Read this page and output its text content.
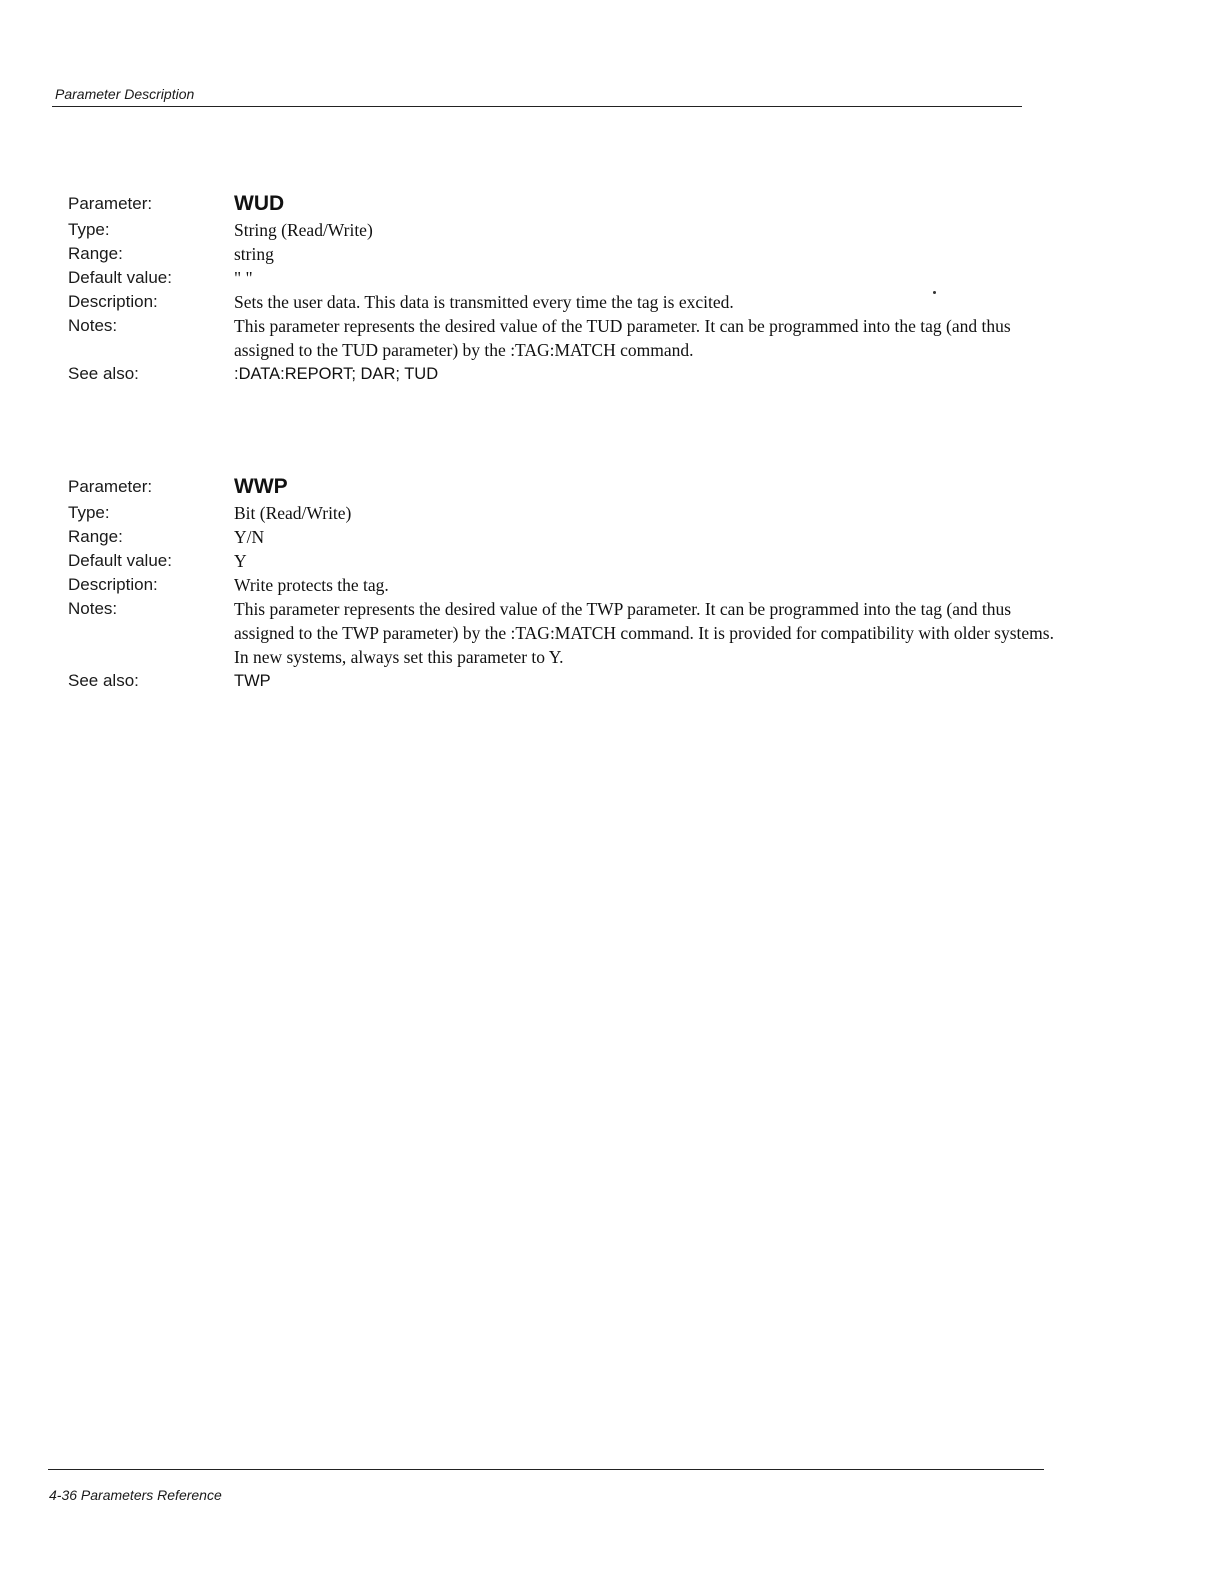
Parameter Description
Parameter:	WUD
Type:	String (Read/Write)
Range:	string
Default value:	" "
Description:	Sets the user data. This data is transmitted every time the tag is excited.
Notes:	This parameter represents the desired value of the TUD parameter. It can be programmed into the tag (and thus assigned to the TUD parameter) by the :TAG:MATCH command.
See also:	:DATA:REPORT; DAR; TUD
Parameter:	WWP
Type:	Bit (Read/Write)
Range:	Y/N
Default value:	Y
Description:	Write protects the tag.
Notes:	This parameter represents the desired value of the TWP parameter. It can be programmed into the tag (and thus assigned to the TWP parameter) by the :TAG:MATCH command. It is provided for compatibility with older systems. In new systems, always set this parameter to Y.
See also:	TWP
4-36 Parameters Reference
